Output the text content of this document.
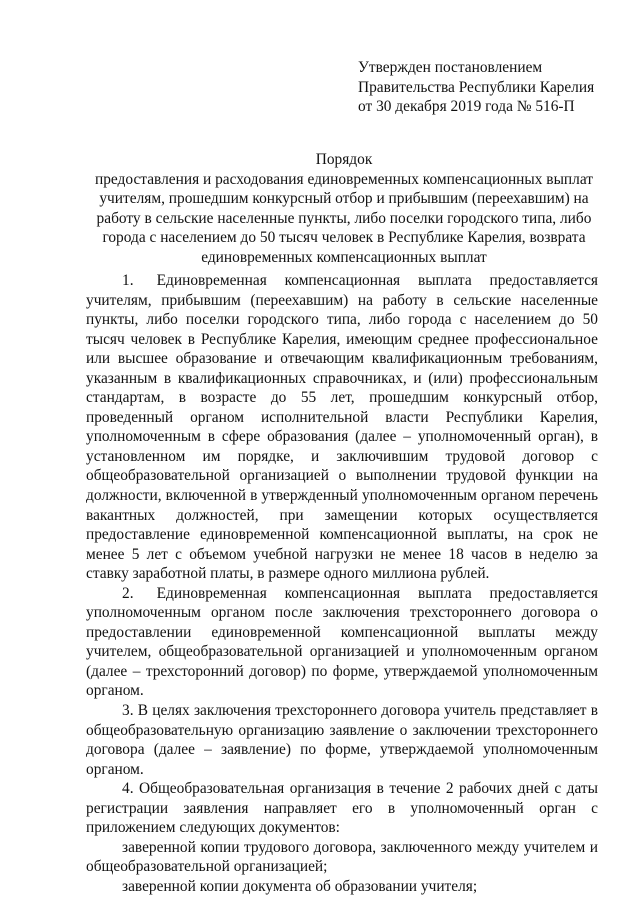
Утвержден постановлением
Правительства Республики Карелия
от 30 декабря 2019 года № 516-П
Порядок
предоставления и расходования единовременных компенсационных выплат
учителям, прошедшим конкурсный отбор и прибывшим (переехавшим) на
работу в сельские населенные пункты, либо поселки городского типа, либо
города с населением до 50 тысяч человек в Республике Карелия, возврата
единовременных компенсационных выплат

1.   Единовременная компенсационная выплата предоставляется учителям, прибывшим (переехавшим) на работу в сельские населенные пункты, либо поселки городского типа, либо города с населением до 50 тысяч человек в Республике Карелия, имеющим среднее профессиональное или высшее образование и отвечающим квалификационным требованиям, указанным в квалификационных справочниках, и (или) профессиональным стандартам, в возрасте до 55 лет, прошедшим конкурсный отбор, проведенный органом исполнительной власти Республики Карелия, уполномоченным в сфере образования (далее – уполномоченный орган), в установленном им порядке, и заключившим трудовой договор с общеобразовательной организацией о выполнении трудовой функции на должности, включенной в утвержденный уполномоченным органом перечень вакантных должностей, при замещении которых осуществляется предоставление единовременной компенсационной выплаты, на срок не менее 5 лет с объемом учебной нагрузки не менее 18 часов в неделю за ставку заработной платы, в размере одного миллиона рублей.

2.   Единовременная компенсационная выплата предоставляется уполномоченным органом после заключения трехстороннего договора о предоставлении единовременной компенсационной выплаты между учителем, общеобразовательной организацией и уполномоченным органом (далее – трехсторонний договор) по форме, утверждаемой уполномоченным органом.

3. В целях заключения трехстороннего договора учитель представляет в общеобразовательную организацию заявление о заключении трехстороннего договора (далее – заявление) по форме, утверждаемой уполномоченным органом.

4. Общеобразовательная организация в течение 2 рабочих дней с даты регистрации заявления направляет его в уполномоченный орган с приложением следующих документов:

заверенной копии трудового договора, заключенного между учителем и общеобразовательной организацией;

заверенной копии документа об образовании учителя;
